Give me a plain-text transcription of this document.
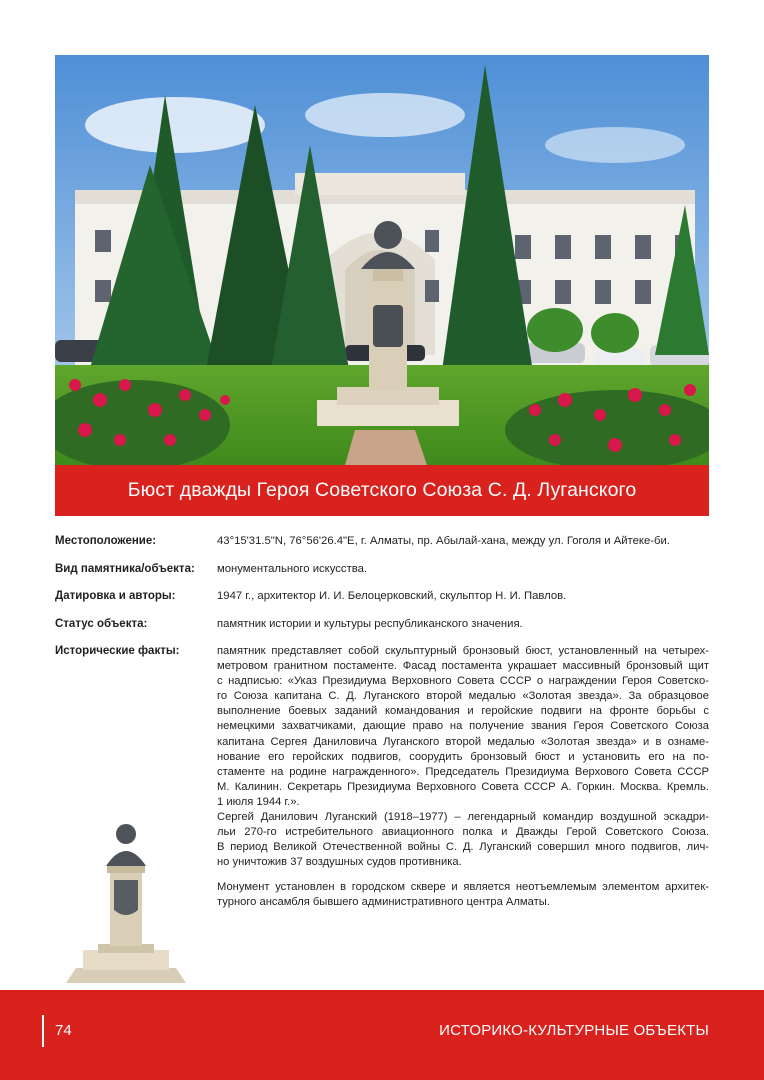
Бюст дважды Героя Советского Союза С. Д. Луганского
Местоположение:	43°15'31.5"N, 76°56'26.4"E, г. Алматы, пр. Абылай-хана, между ул. Гоголя и Айтеке-би.
Вид памятника/объекта:	монументального искусства.
Датировка и авторы:	1947 г., архитектор И. И. Белоцерковский, скульптор Н. И. Павлов.
Статус объекта:	памятник истории и культуры республиканского значения.
Исторические факты:	памятник представляет собой скульптурный бронзовый бюст, установленный на четырех-
метровом гранитном постаменте. Фасад постамента украшает массивный бронзовый щит
с надписью: «Указ Президиума Верховного Совета СССР о награждении Героя Советско-
го Союза капитана С. Д. Луганского второй медалью «Золотая звезда». За образцовое
выполнение боевых заданий командования и геройские подвиги на фронте борьбы с
немецкими захватчиками, дающие право на получение звания Героя Советского Союза
капитана Сергея Даниловича Луганского второй медалью «Золотая звезда» и в ознаме-
нование его геройских подвигов, соорудить бронзовый бюст и установить его на по-
стаменте на родине награжденного». Председатель Президиума Верхового Совета СССР
М. Калинин. Секретарь Президиума Верховного Совета СССР А. Горкин. Москва. Кремль.
1 июля 1944 г.».
Сергей Данилович Луганский (1918–1977) – легендарный командир воздушной эскадри-
льи 270-го истребительного авиационного полка и Дважды Герой Советского Союза.
В период Великой Отечественной войны С. Д. Луганский совершил много подвигов, лич-
но уничтожив 37 воздушных судов противника.
Монумент установлен в городском сквере и является неотъемлемым элементом архитек-
турного ансамбля бывшего административного центра Алматы.
74	ИСТОРИКО-КУЛЬТУРНЫЕ ОБЪЕКТЫ
